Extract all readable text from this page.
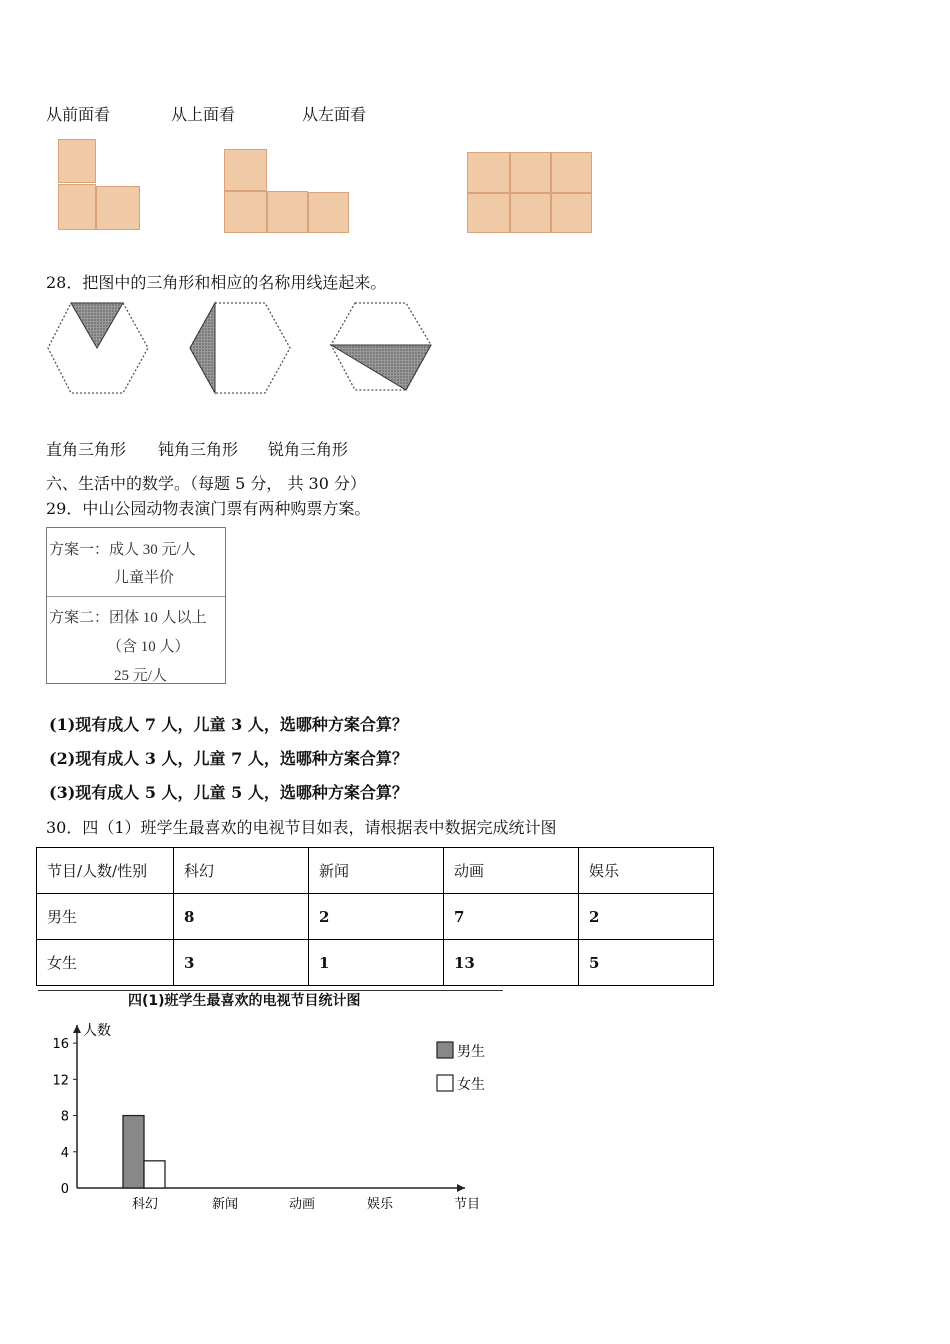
从前面看	从上面看	从左面看
28．把图中的三角形和相应的名称用线连起来。
直角三角形 钝角三角形 锐角三角形
六、生活中的数学。（每题 5 分， 共 30 分）
29．中山公园动物表演门票有两种购票方案。
方案一：成人 30 元/人
儿童半价
方案二：团体 10 人以上
（含 10 人）
25 元/人
(1)现有成人 7 人，儿童 3 人，选哪种方案合算？
(2)现有成人 3 人，儿童 7 人，选哪种方案合算？
(3)现有成人 5 人，儿童 5 人，选哪种方案合算？
30．四（1）班学生最喜欢的电视节目如表，请根据表中数据完成统计图
节目/人数/性别	科幻	新闻	动画	娱乐
男生	8	2	7	2
女生	3	1	13	5
四(1)班学生最喜欢的电视节目统计图
人数
0
4
8
12
16
科幻	新闻	动画	娱乐	节目
男生
女生
